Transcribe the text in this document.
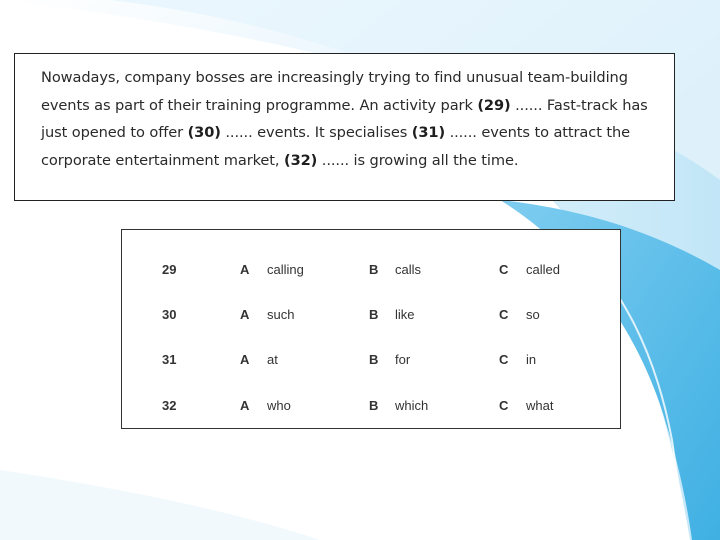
Nowadays, company bosses are increasingly trying to find unusual team-building events as part of their training programme. An activity park (29) ...... Fast-track has just opened to offer (30) ...... events. It specialises (31) ...... events to attract the corporate entertainment market, (32) ...... is growing all the time.

29	A calling	B calls	C called
30	A such	B like	C so
31	A at	B for	C in
32	A who	B which	C what
